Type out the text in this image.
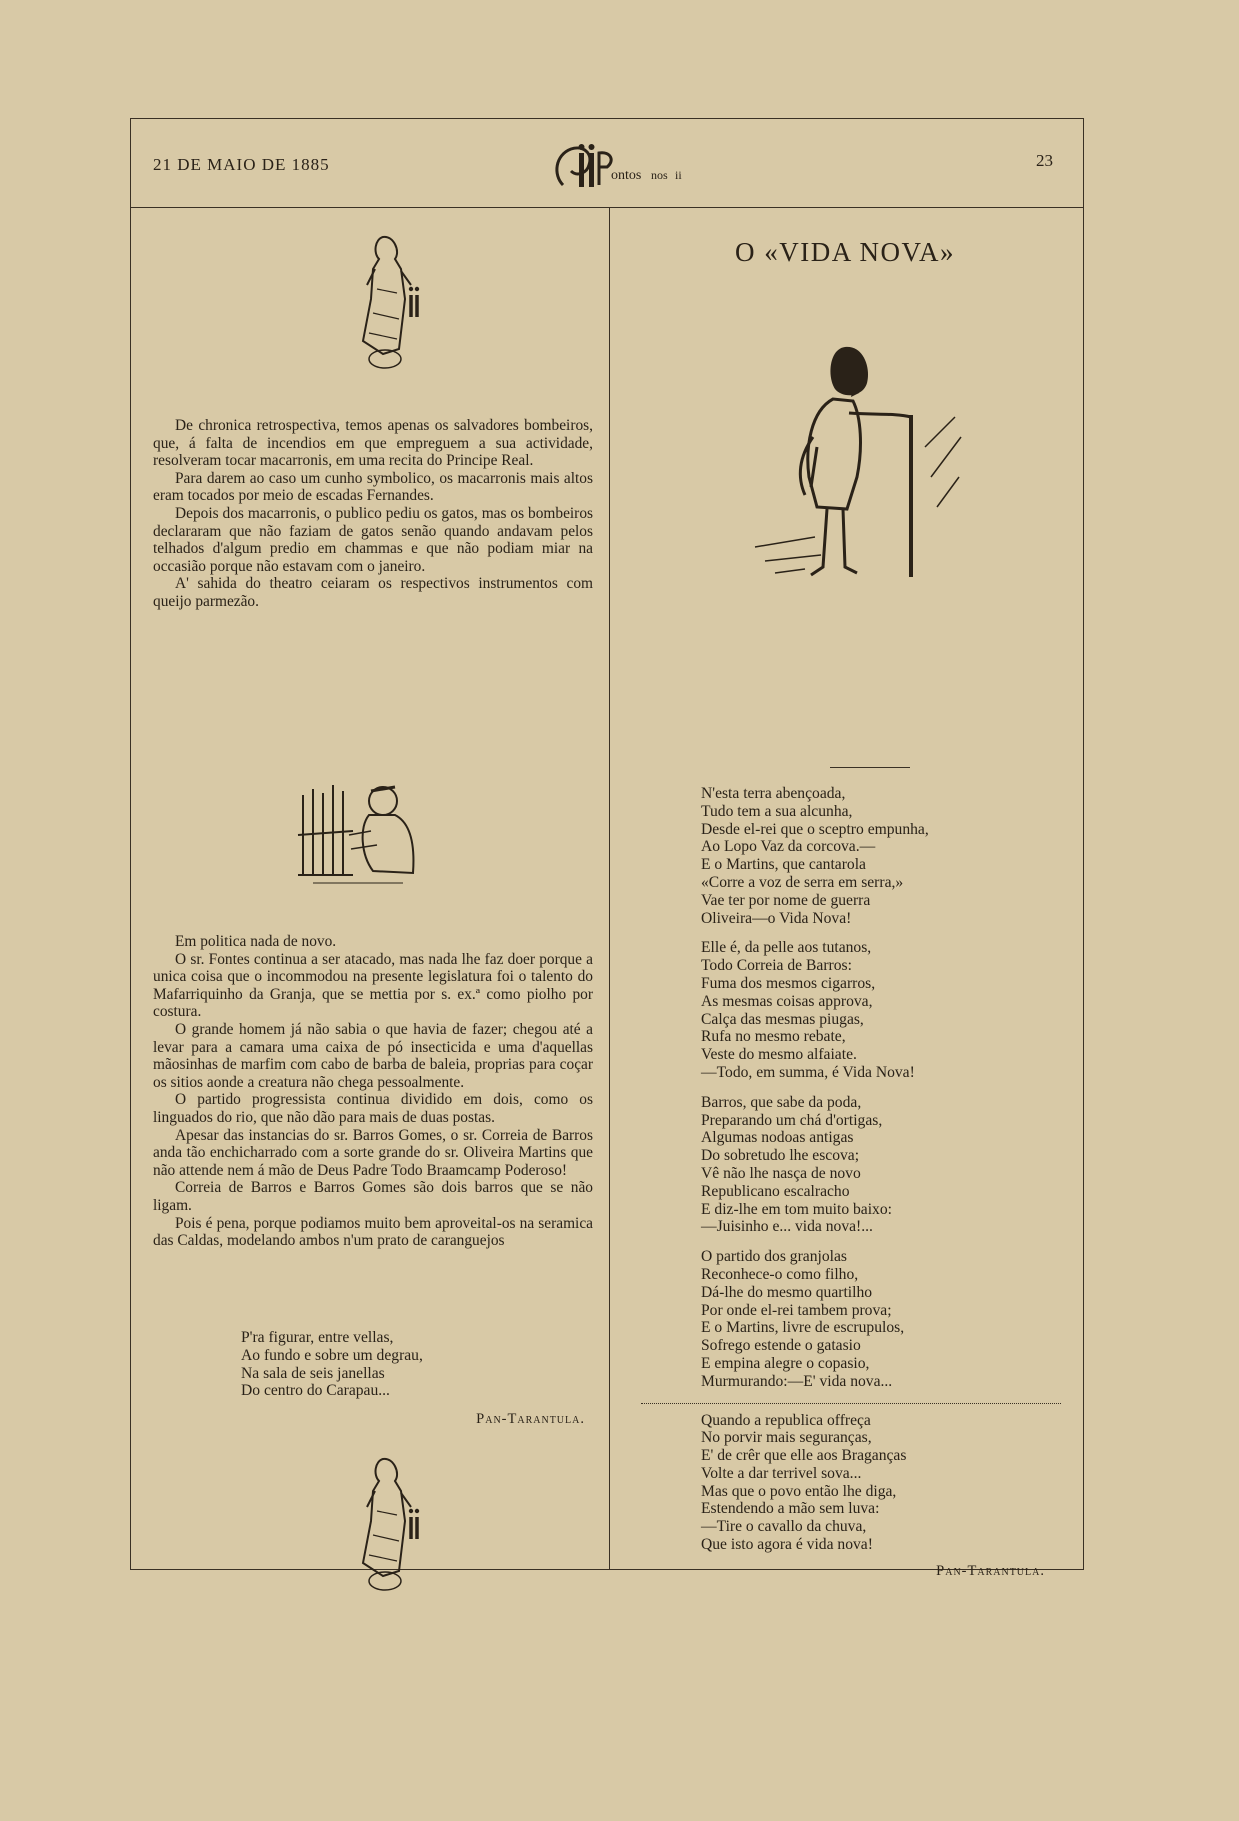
21 DE MAIO DE 1885
ontos nos ii
23

De chronica retrospectiva, temos apenas os salvadores bombeiros, que, á falta de incendios em que empreguem a sua actividade, resolveram tocar macarronis, em uma recita do Principe Real.

Para darem ao caso um cunho symbolico, os macarronis mais altos eram tocados por meio de escadas Fernandes.

Depois dos macarronis, o publico pediu os gatos, mas os bombeiros declararam que não faziam de gatos senão quando andavam pelos telhados d'algum predio em chammas e que não podiam miar na occasião porque não estavam com o janeiro.

A' sahida do theatro ceiaram os respectivos instrumentos com queijo parmezão.

Em politica nada de novo.

O sr. Fontes continua a ser atacado, mas nada lhe faz doer porque a unica coisa que o incommodou na presente legislatura foi o talento do Mafarriquinho da Granja, que se mettia por s. ex.ª como piolho por costura.

O grande homem já não sabia o que havia de fazer; chegou até a levar para a camara uma caixa de pó insecticida e uma d'aquellas mãosinhas de marfim com cabo de barba de baleia, proprias para coçar os sitios aonde a creatura não chega pessoalmente.

O partido progressista continua dividido em dois, como os linguados do rio, que não dão para mais de duas postas.

Apesar das instancias do sr. Barros Gomes, o sr. Correia de Barros anda tão enchicharrado com a sorte grande do sr. Oliveira Martins que não attende nem á mão de Deus Padre Todo Braamcamp Poderoso!

Correia de Barros e Barros Gomes são dois barros que se não ligam.

Pois é pena, porque podiamos muito bem aproveital-os na seramica das Caldas, modelando ambos n'um prato de caranguejos

P'ra figurar, entre vellas,
Ao fundo e sobre um degrau,
Na sala de seis janellas
Do centro do Carapau...
Pan-Tarantula.
O «VIDA NOVA»
N'esta terra abençoada,
Tudo tem a sua alcunha,
Desde el-rei que o sceptro empunha,
Ao Lopo Vaz da corcova.—
E o Martins, que cantarola
«Corre a voz de serra em serra,»
Vae ter por nome de guerra
Oliveira—o Vida Nova!
Elle é, da pelle aos tutanos,
Todo Correia de Barros:
Fuma dos mesmos cigarros,
As mesmas coisas approva,
Calça das mesmas piugas,
Rufa no mesmo rebate,
Veste do mesmo alfaiate.
—Todo, em summa, é Vida Nova!
Barros, que sabe da poda,
Preparando um chá d'ortigas,
Algumas nodoas antigas
Do sobretudo lhe escova;
Vê não lhe nasça de novo
Republicano escalracho
E diz-lhe em tom muito baixo:
—Juisinho e... vida nova!...
O partido dos granjolas
Reconhece-o como filho,
Dá-lhe do mesmo quartilho
Por onde el-rei tambem prova;
E o Martins, livre de escrupulos,
Sofrego estende o gatasio
E empina alegre o copasio,
Murmurando:—E' vida nova...
Quando a republica offreça
No porvir mais seguranças,
E' de crêr que elle aos Braganças
Volte a dar terrivel sova...
Mas que o povo então lhe diga,
Estendendo a mão sem luva:
—Tire o cavallo da chuva,
Que isto agora é vida nova!
Pan-Tarantula.
